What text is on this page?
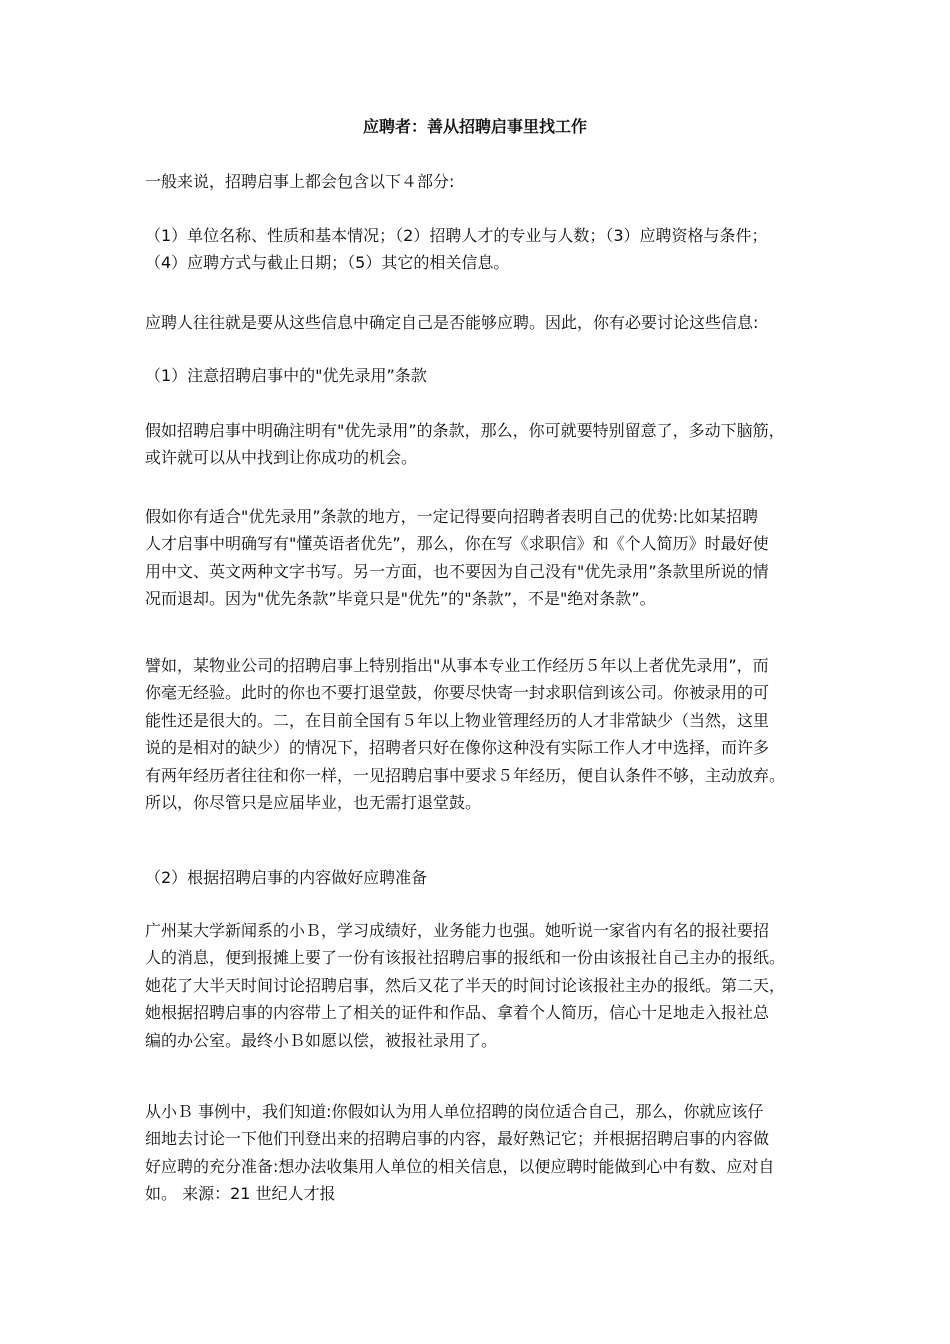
应聘者：善从招聘启事里找工作
一般来说，招聘启事上都会包含以下４部分:
（1）单位名称、性质和基本情况；（2）招聘人才的专业与人数；（3）应聘资格与条件；
（4）应聘方式与截止日期；（5）其它的相关信息。
应聘人往往就是要从这些信息中确定自己是否能够应聘。因此，你有必要讨论这些信息:
（1）注意招聘启事中的"优先录用”条款
假如招聘启事中明确注明有"优先录用”的条款，那么，你可就要特别留意了，多动下脑筋，
或许就可以从中找到让你成功的机会。
假如你有适合"优先录用”条款的地方，一定记得要向招聘者表明自己的优势:比如某招聘
人才启事中明确写有"懂英语者优先”，那么，你在写《求职信》和《个人简历》时最好使
用中文、英文两种文字书写。另一方面，也不要因为自己没有"优先录用”条款里所说的情
况而退却。因为"优先条款”毕竟只是"优先”的"条款”，不是"绝对条款”。
譬如，某物业公司的招聘启事上特别指出"从事本专业工作经历５年以上者优先录用”，而
你毫无经验。此时的你也不要打退堂鼓，你要尽快寄一封求职信到该公司。你被录用的可
能性还是很大的。二，在目前全国有５年以上物业管理经历的人才非常缺少（当然，这里
说的是相对的缺少）的情况下，招聘者只好在像你这种没有实际工作人才中选择，而许多
有两年经历者往往和你一样，一见招聘启事中要求５年经历，便自认条件不够，主动放弃。
所以，你尽管只是应届毕业，也无需打退堂鼓。
（2）根据招聘启事的内容做好应聘准备
广州某大学新闻系的小Ｂ，学习成绩好，业务能力也强。她听说一家省内有名的报社要招
人的消息，便到报摊上要了一份有该报社招聘启事的报纸和一份由该报社自己主办的报纸。
她花了大半天时间讨论招聘启事，然后又花了半天的时间讨论该报社主办的报纸。第二天，
她根据招聘启事的内容带上了相关的证件和作品、拿着个人简历，信心十足地走入报社总
编的办公室。最终小Ｂ如愿以偿，被报社录用了。
从小Ｂ 事例中，我们知道:你假如认为用人单位招聘的岗位适合自己，那么，你就应该仔
细地去讨论一下他们刊登出来的招聘启事的内容，最好熟记它；并根据招聘启事的内容做
好应聘的充分准备:想办法收集用人单位的相关信息，以便应聘时能做到心中有数、应对自
如。 来源：21 世纪人才报
